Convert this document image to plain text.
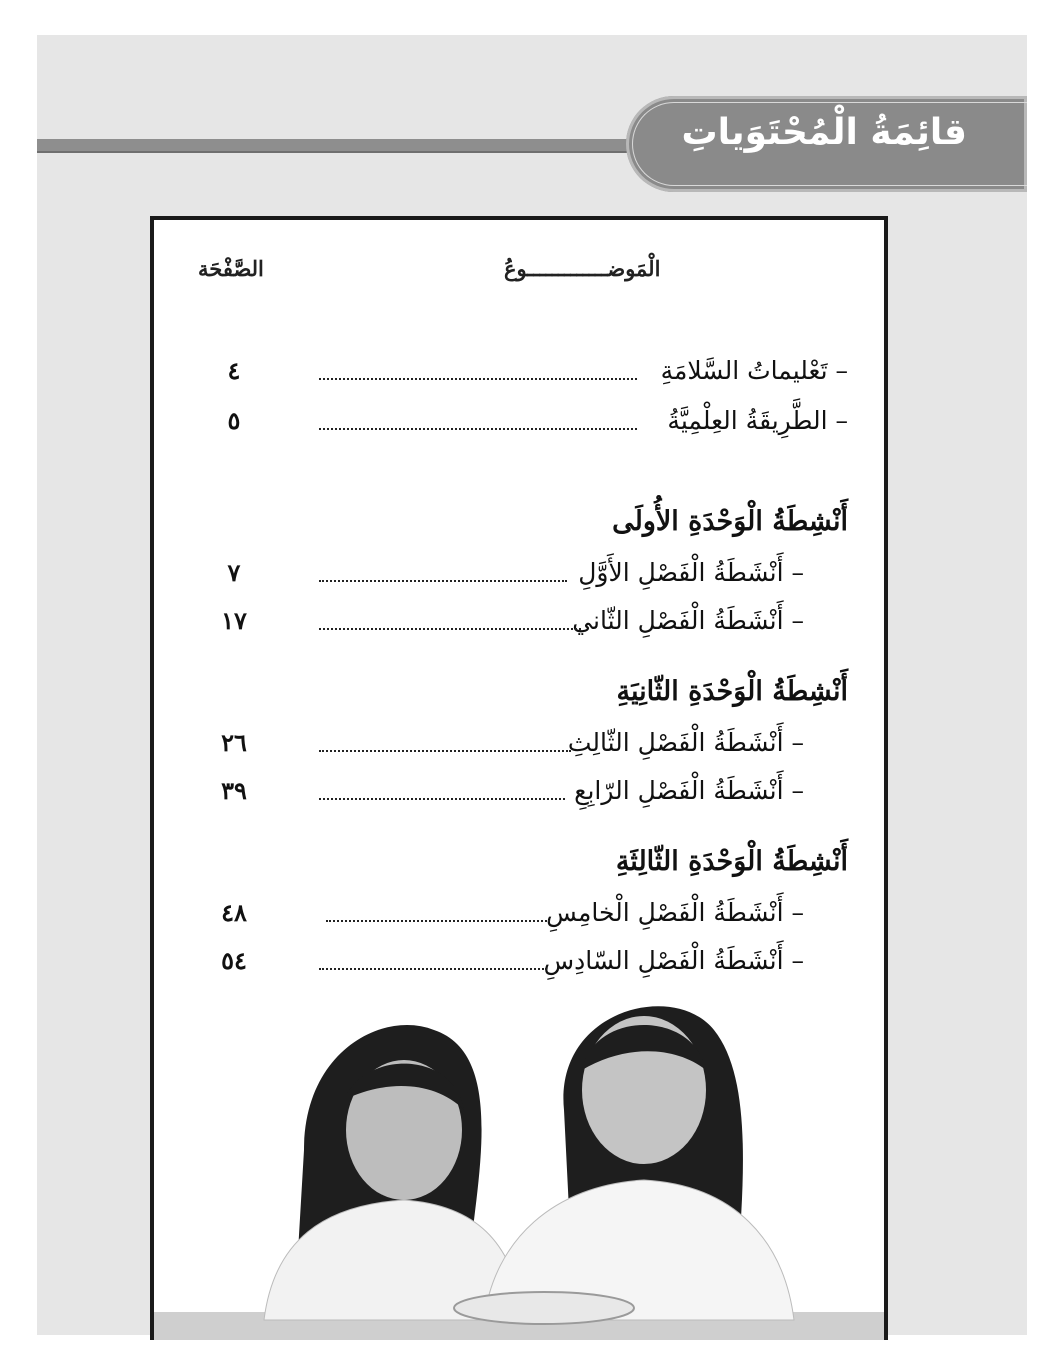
قائِمَةُ الْمُحْتَوَياتِ
الْمَوضـــــــــــــوعُ
الصَّفْحَة
– تَعْليماتُ السَّلامَةِ
٤
– الطَّرِيقَةُ العِلْمِيَّةُ
٥
أَنْشِطَةُ الْوَحْدَةِ الأُولَى
– أَنْشَطَةُ الْفَصْلِ الأَوَّلِ
٧
– أَنْشَطَةُ الْفَصْلِ الثّاني
١٧
أَنْشِطَةُ الْوَحْدَةِ الثّانِيَةِ
– أَنْشَطَةُ الْفَصْلِ الثّالِثِ
٢٦
– أَنْشَطَةُ الْفَصْلِ الرّابِعِ
٣٩
أَنْشِطَةُ الْوَحْدَةِ الثّالِثَةِ
– أَنْشَطَةُ الْفَصْلِ الْخامِسِ
٤٨
– أَنْشَطَةُ الْفَصْلِ السّادِسِ
٥٤
